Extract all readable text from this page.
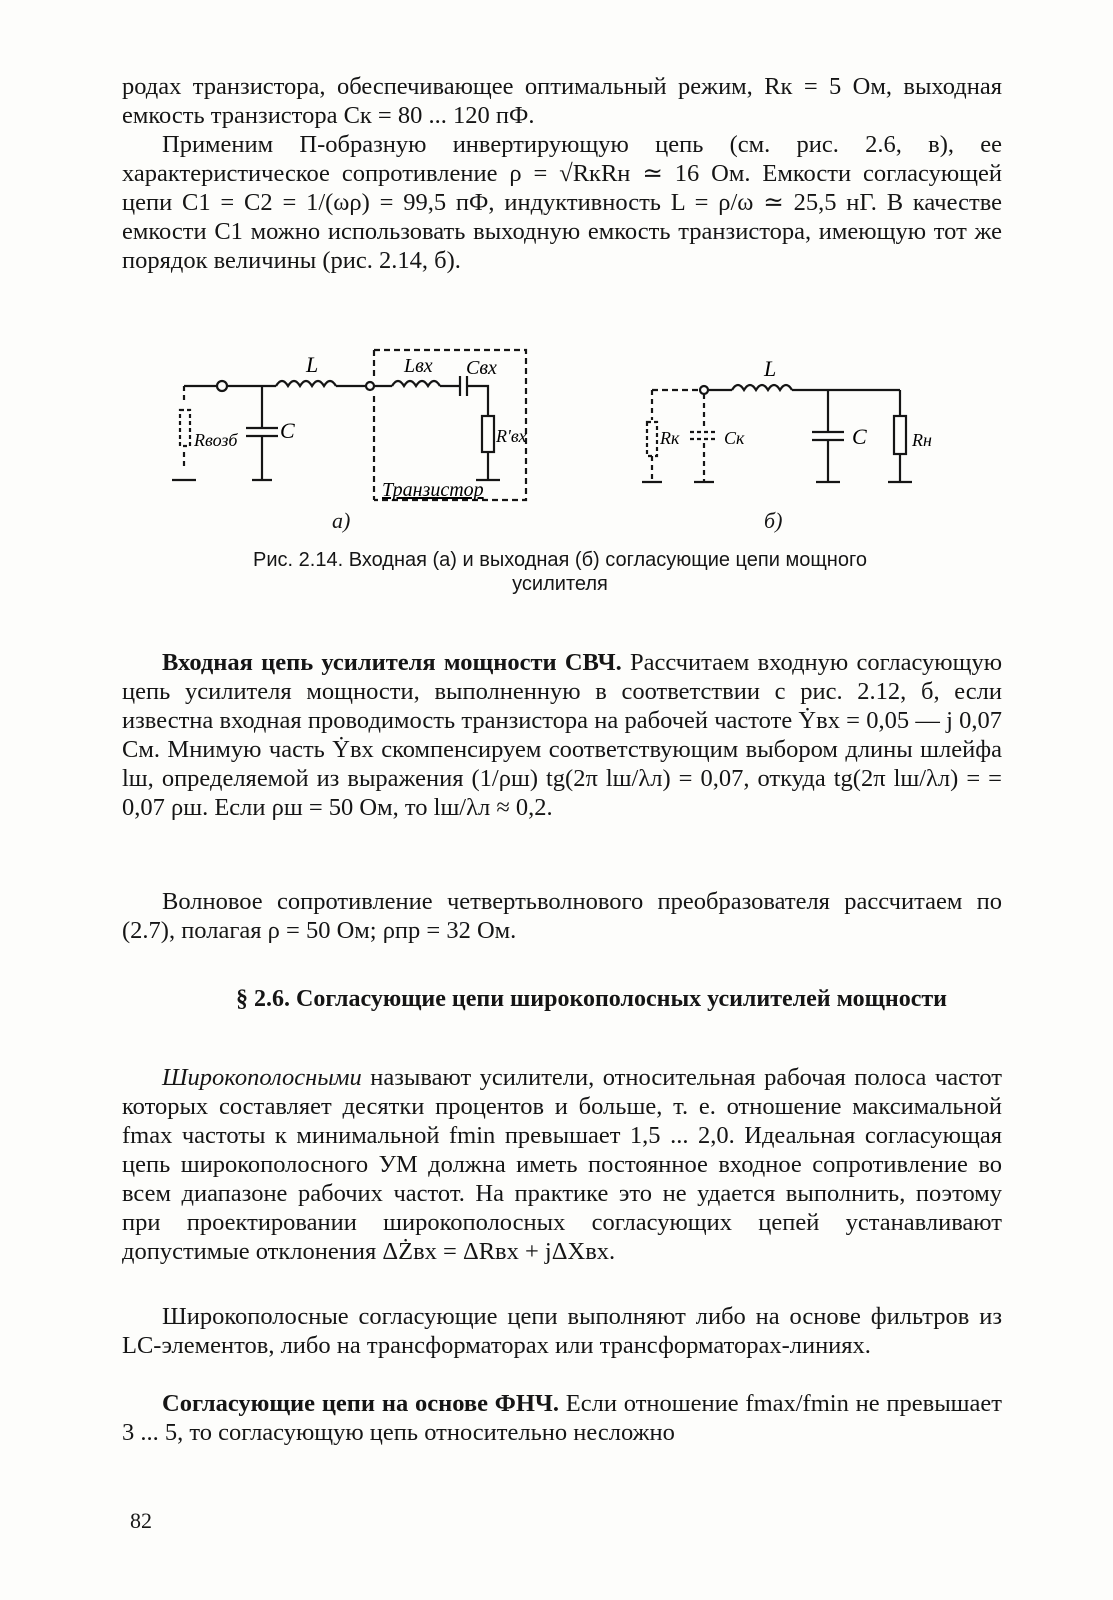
родах транзистора, обеспечивающее оптимальный режим, Rк = 5 Ом, выходная емкость транзистора Cк = 80 ... 120 пФ.

Применим П-образную инвертирующую цепь (см. рис. 2.6, в), ее характеристическое сопротивление ρ = √RкRн ≃ 16 Ом. Емкости согласующей цепи C1 = C2 = 1/(ωρ) = 99,5 пФ, индуктивность L = ρ/ω ≃ 25,5 нГ. В качестве емкости C1 можно использовать выходную емкость транзистора, имеющую тот же порядок величины (рис. 2.14, б).

L	Lвх Cвх
Rвозб C	R'вх
Транзистор
а)
L
Rк Cк	C	Rн
б)
Рис. 2.14. Входная (а) и выходная (б) согласующие цепи мощного
усилителя

Входная цепь усилителя мощности СВЧ. Рассчитаем входную согласующую цепь усилителя мощности, выполненную в соответствии с рис. 2.12, б, если известна входная проводимость транзистора на рабочей частоте Ẏвх = 0,05 — j 0,07 См. Мнимую часть Ẏвх скомпенсируем соответствующим выбором длины шлейфа lш, определяемой из выражения (1/ρш) tg(2π lш/λл) = 0,07, откуда tg(2π lш/λл) = = 0,07 ρш. Если ρш = 50 Ом, то lш/λл ≈ 0,2.

Волновое сопротивление четвертьволнового преобразователя рассчитаем по (2.7), полагая ρ = 50 Ом; ρпр = 32 Ом.

§ 2.6. Согласующие цепи широкополосных усилителей мощности

Широкополосными называют усилители, относительная рабочая полоса частот которых составляет десятки процентов и больше, т. е. отношение максимальной fmax частоты к минимальной fmin превышает 1,5 ... 2,0. Идеальная согласующая цепь широкополосного УМ должна иметь постоянное входное сопротивление во всем диапазоне рабочих частот. На практике это не удается выполнить, поэтому при проектировании широкополосных согласующих цепей устанавливают допустимые отклонения ΔŻвх = ΔRвх + jΔXвх.

Широкополосные согласующие цепи выполняют либо на основе фильтров из LC-элементов, либо на трансформаторах или трансформаторах-линиях.

Согласующие цепи на основе ФНЧ. Если отношение fmax/fmin не превышает 3 ... 5, то согласующую цепь относительно несложно

82
